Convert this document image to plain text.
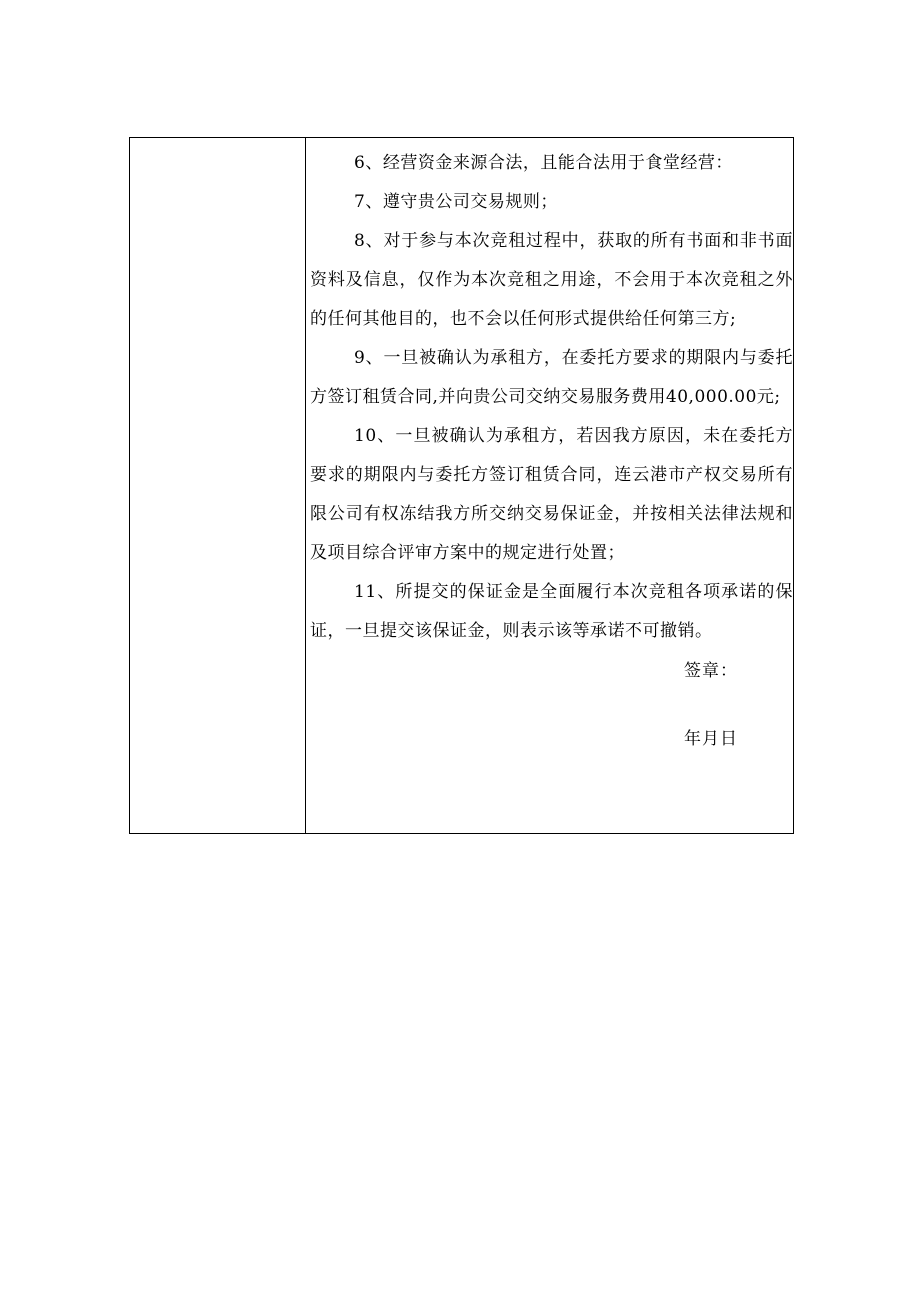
6、经营资金来源合法，且能合法用于食堂经营：

7、遵守贵公司交易规则；

8、对于参与本次竞租过程中，获取的所有书面和非书面资料及信息，仅作为本次竞租之用途，不会用于本次竞租之外的任何其他目的，也不会以任何形式提供给任何第三方;

9、一旦被确认为承租方，在委托方要求的期限内与委托方签订租赁合同,并向贵公司交纳交易服务费用40,000.00元;

10、一旦被确认为承租方，若因我方原因，未在委托方要求的期限内与委托方签订租赁合同，连云港市产权交易所有限公司有权冻结我方所交纳交易保证金，并按相关法律法规和及项目综合评审方案中的规定进行处置；

11、所提交的保证金是全面履行本次竞租各项承诺的保证，一旦提交该保证金，则表示该等承诺不可撤销。

签章：
年月日
